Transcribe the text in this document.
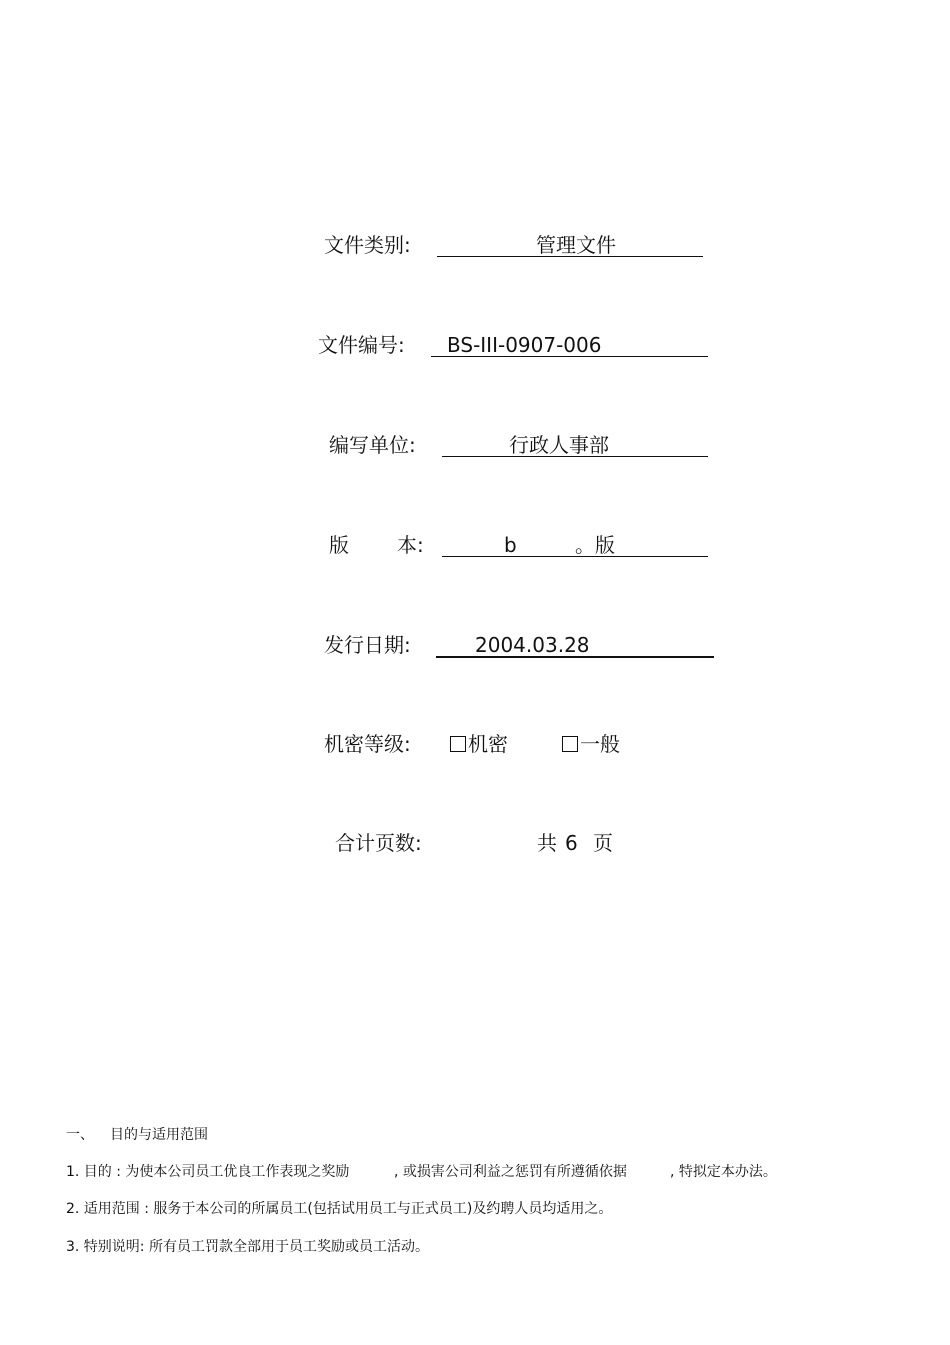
文件类别:	管理文件
文件编号: BS-III-0907-006
编写单位:	行政人事部
版 本:	b	。版
发行日期:	2004.03.28
机密等级:	机密	一般
合计页数:	共 6 页
一、 目的与适用范围
1. 目的 : 为使本公司员工优良工作表现之奖励	, 或损害公司利益之惩罚有所遵循依据	, 特拟定本办法。
2. 适用范围 : 服务于本公司的所属员工(包括试用员工与正式员工)及约聘人员均适用之。
3. 特别说明: 所有员工罚款全部用于员工奖励或员工活动。
